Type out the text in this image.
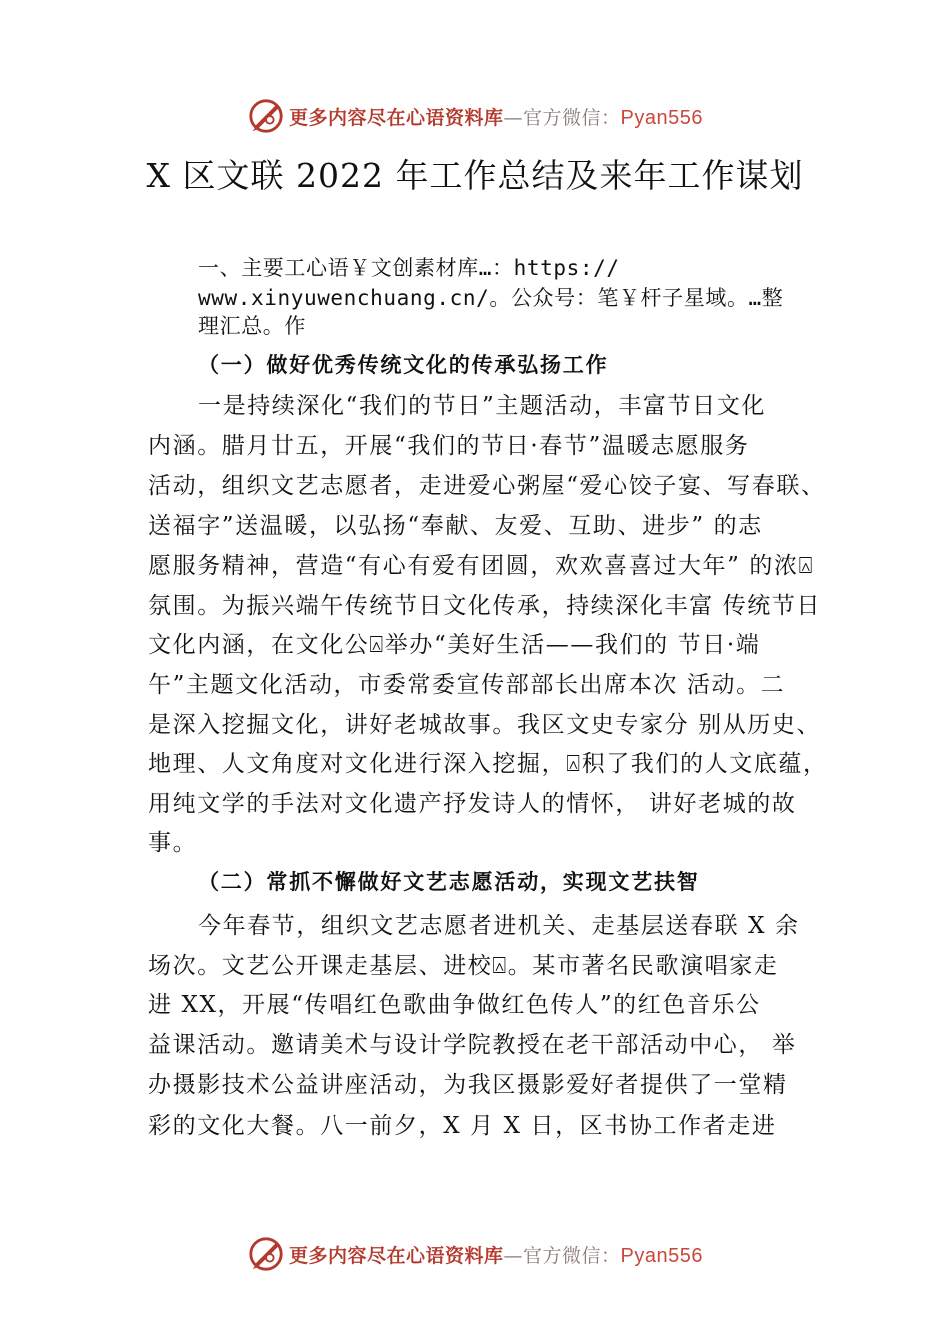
更多内容尽在心语资料库 — 官方微信： Pyan556
X 区文联 2022 年工作总结及来年工作谋划
一、主要工心语￥文创素材库…：https://
www.xinyuwenchuang.cn/。公众号：笔￥杆子星域。…整
理汇总。作
（一）做好优秀传统文化的传承弘扬工作
一是持续深化“我们的节日”主题活动，丰富节日文化
内涵。腊月廿五，开展“我们的节日·春节”温暖志愿服务
活动，组织文艺志愿者，走进爱心粥屋“爱心饺子宴、写春联、
送福字”送温暖，以弘扬“奉献、友爱、互助、进步” 的志
愿服务精神，营造“有心有爱有团圆，欢欢喜喜过大年” 的浓⍓
氛围。为振兴端午传统节日文化传承，持续深化丰富 传统节日
文化内涵，在文化公⍓举办“美好生活——我们的 节日·端
午”主题文化活动，市委常委宣传部部长出席本次 活动。二
是深入挖掘文化，讲好老城故事。我区文史专家分 别从历史、
地理、人文角度对文化进行深入挖掘，⍓积了我们的人文底蕴，
用纯文学的手法对文化遗产抒发诗人的情怀， 讲好老城的故
事。
（二）常抓不懈做好文艺志愿活动，实现文艺扶智
今年春节，组织文艺志愿者进机关、走基层送春联 X 余
场次。文艺公开课走基层、进校⍓。某市著名民歌演唱家走
进 XX，开展“传唱红色歌曲争做红色传人”的红色音乐公
益课活动。邀请美术与设计学院教授在老干部活动中心， 举
办摄影技术公益讲座活动，为我区摄影爱好者提供了一堂精
彩的文化大餐。八一前夕，X 月 X 日，区书协工作者走进
更多内容尽在心语资料库 — 官方微信： Pyan556
